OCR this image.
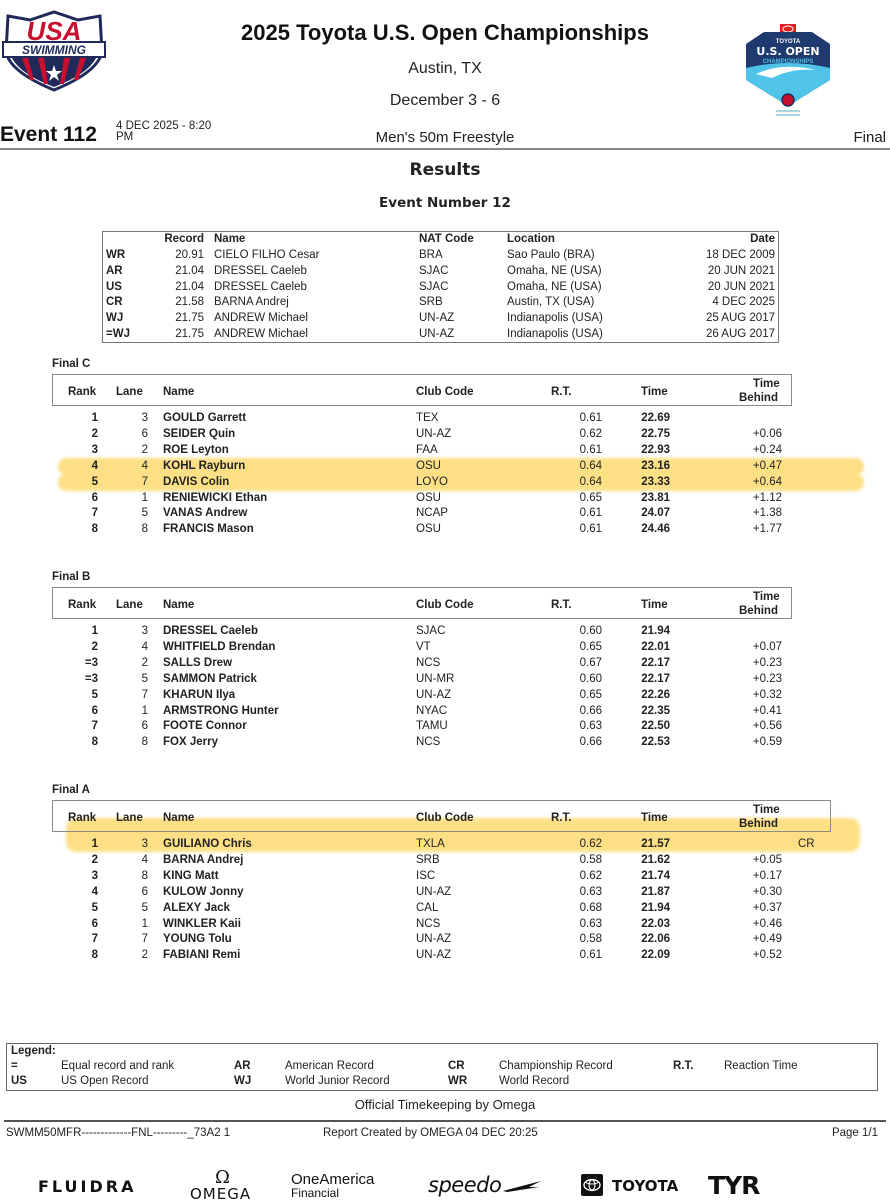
USA
SWIMMING
2025 Toyota U.S. Open Championships
Austin, TX
December 3 - 6
TOYOTA
U.S. OPEN
CHAMPIONSHIPS
Event 112 4 DEC 2025 - 8:20
PM	Men's 50m Freestyle	Final
Results
Event Number 12
Record Name	NAT Code	Location	Date
WR	20.91 CIELO FILHO Cesar	BRA	Sao Paulo (BRA)	18 DEC 2009
AR	21.04 DRESSEL Caeleb	SJAC	Omaha, NE (USA)	20 JUN 2021
US	21.04 DRESSEL Caeleb	SJAC	Omaha, NE (USA)	20 JUN 2021
CR	21.58 BARNA Andrej	SRB	Austin, TX (USA)	4 DEC 2025
WJ	21.75 ANDREW Michael	UN-AZ	Indianapolis (USA)	25 AUG 2017
=WJ	21.75 ANDREW Michael	UN-AZ	Indianapolis (USA)	26 AUG 2017
Final C
Rank Lane Name	Club Code	R.T.	Time
Time
Behind
1	3 GOULD Garrett	TEX	0.61	22.69
2	6 SEIDER Quin	UN-AZ	0.62	22.75	+0.06
3	2 ROE Leyton	FAA	0.61	22.93	+0.24
4	4 KOHL Rayburn	OSU	0.64	23.16	+0.47
5	7 DAVIS Colin	LOYO	0.64	23.33	+0.64
6	1 RENIEWICKI Ethan	OSU	0.65	23.81	+1.12
7	5 VANAS Andrew	NCAP	0.61	24.07	+1.38
8	8 FRANCIS Mason	OSU	0.61	24.46	+1.77
Final B
Rank Lane Name	Club Code	R.T.	Time
Time
Behind
1	3 DRESSEL Caeleb	SJAC	0.60	21.94
2	4 WHITFIELD Brendan	VT	0.65	22.01	+0.07
=3	2 SALLS Drew	NCS	0.67	22.17	+0.23
=3	5 SAMMON Patrick	UN-MR	0.60	22.17	+0.23
5	7 KHARUN Ilya	UN-AZ	0.65	22.26	+0.32
6	1 ARMSTRONG Hunter	NYAC	0.66	22.35	+0.41
7	6 FOOTE Connor	TAMU	0.63	22.50	+0.56
8	8 FOX Jerry	NCS	0.66	22.53	+0.59
Final A
Rank Lane Name	Club Code	R.T.	Time
Time
Behind
1	3 GUILIANO Chris	TXLA	0.62	21.57	CR
2	4 BARNA Andrej	SRB	0.58	21.62	+0.05
3	8 KING Matt	ISC	0.62	21.74	+0.17
4	6 KULOW Jonny	UN-AZ	0.63	21.87	+0.30
5	5 ALEXY Jack	CAL	0.68	21.94	+0.37
6	1 WINKLER Kaii	NCS	0.63	22.03	+0.46
7	7 YOUNG Tolu	UN-AZ	0.58	22.06	+0.49
8	2 FABIANI Remi	UN-AZ	0.61	22.09	+0.52
Legend:
=	Equal record and rank	AR	American Record	CR	Championship Record	R.T.	Reaction Time
US	US Open Record	WJ	World Junior Record	WR	World Record
Official Timekeeping by Omega
SWMM50MFR-------------FNL---------_73A2 1	Report Created by OMEGA 04 DEC 20:25	Page 1/1
FLUIDRA	Ω
OMEGA
OneAmerica
Financial	speedo	TOYOTA TYR
